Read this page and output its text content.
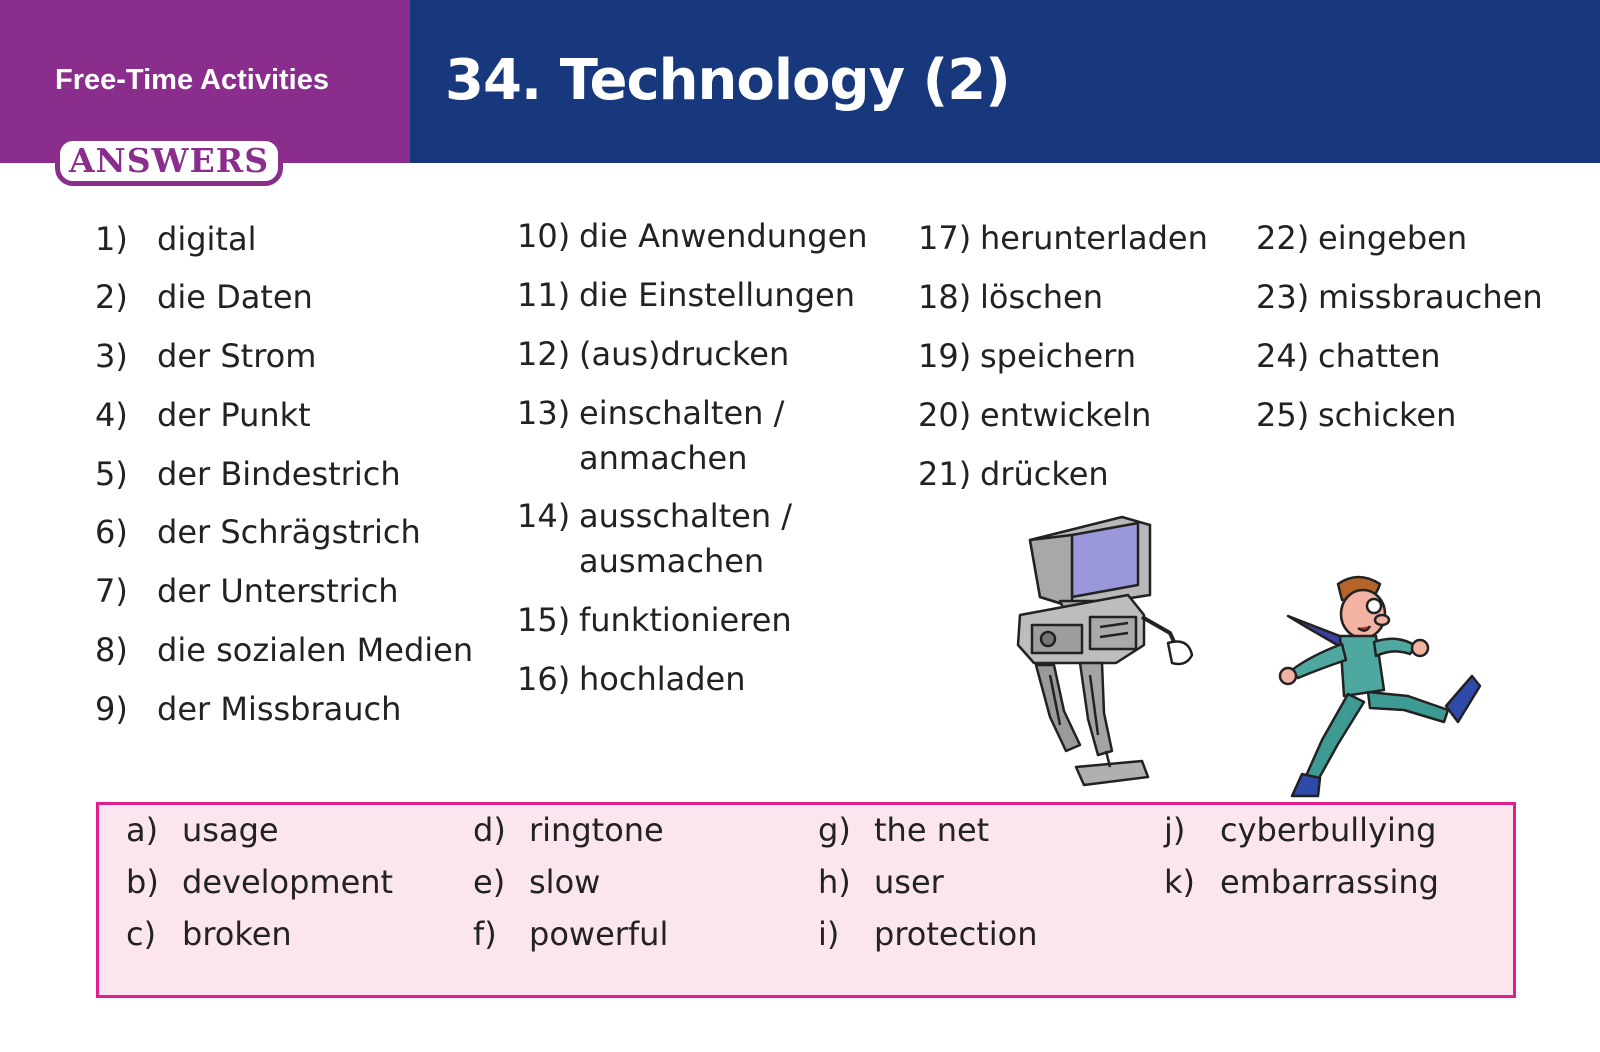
Free-Time Activities
ANSWERS
34. Technology (2)
1) digital
2) die Daten
3) der Strom
4) der Punkt
5) der Bindestrich
6) der Schrägstrich
7) der Unterstrich
8) die sozialen Medien
9) der Missbrauch
10) die Anwendungen
11) die Einstellungen
12) (aus)drucken
13) einschalten /
anmachen
14) ausschalten /
ausmachen
15) funktionieren
16) hochladen
17) herunterladen
18) löschen
19) speichern
20) entwickeln
21) drücken
22) eingeben
23) missbrauchen
24) chatten
25) schicken
a) usage
b) development
c) broken
d) ringtone
e) slow
f) powerful
g) the net
h) user
i) protection
j) cyberbullying
k) embarrassing
